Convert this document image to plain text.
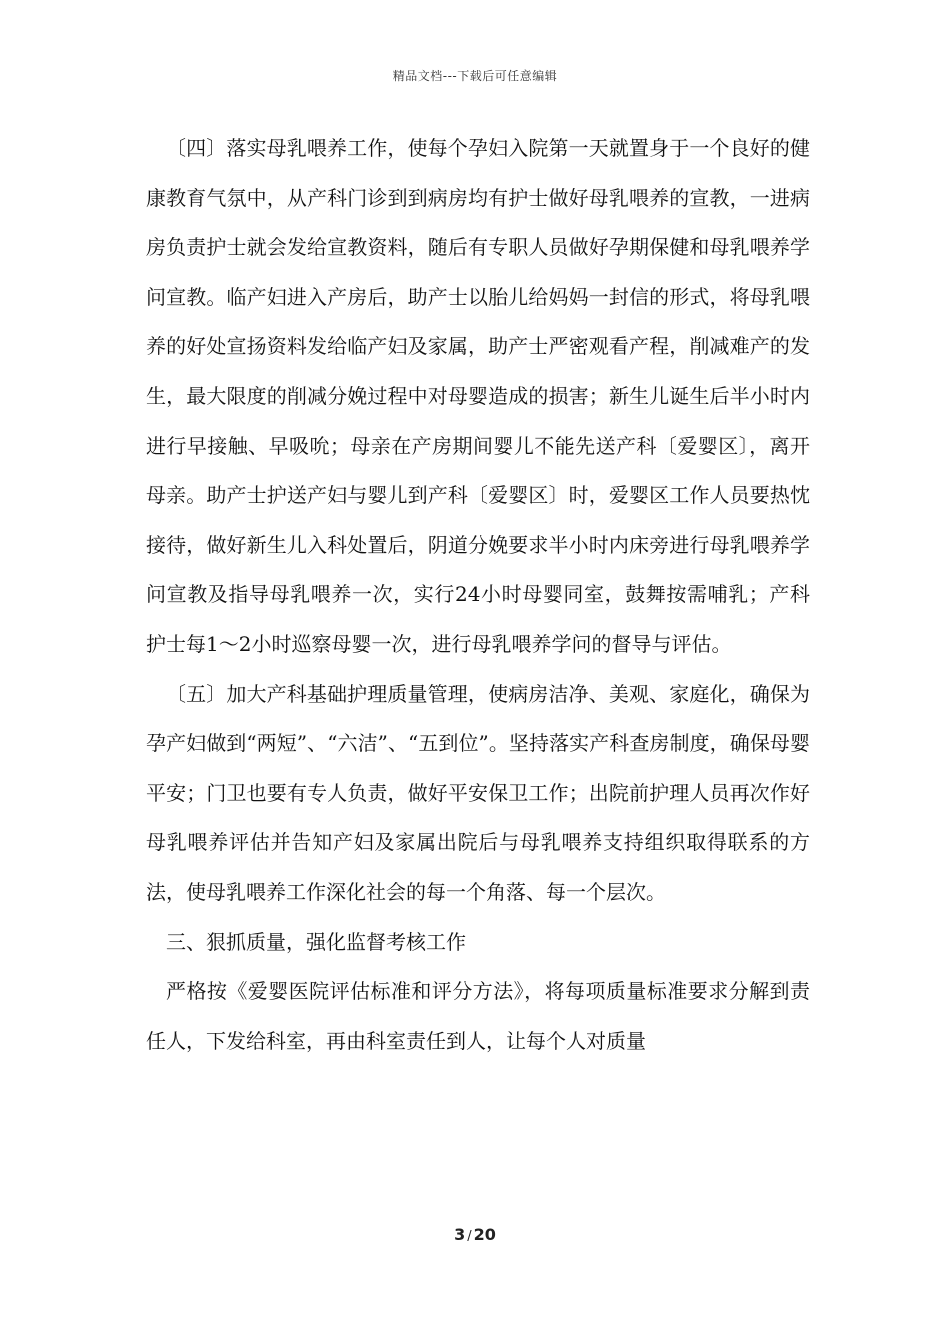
精品文档---下载后可任意编辑

〔四〕落实母乳喂养工作，使每个孕妇入院第一天就置身于一个良好的健康教育气氛中，从产科门诊到到病房均有护士做好母乳喂养的宣教，一进病房负责护士就会发给宣教资料，随后有专职人员做好孕期保健和母乳喂养学问宣教。临产妇进入产房后，助产士以胎儿给妈妈一封信的形式，将母乳喂养的好处宣扬资料发给临产妇及家属，助产士严密观看产程，削减难产的发生，最大限度的削减分娩过程中对母婴造成的损害；新生儿诞生后半小时内进行早接触、早吸吮；母亲在产房期间婴儿不能先送产科〔爱婴区〕，离开母亲。助产士护送产妇与婴儿到产科〔爱婴区〕时，爱婴区工作人员要热忱接待，做好新生儿入科处置后，阴道分娩要求半小时内床旁进行母乳喂养学问宣教及指导母乳喂养一次，实行24小时母婴同室，鼓舞按需哺乳；产科护士每1～2小时巡察母婴一次，进行母乳喂养学问的督导与评估。

〔五〕加大产科基础护理质量管理，使病房洁净、美观、家庭化，确保为孕产妇做到“两短”、“六洁”、“五到位”。坚持落实产科查房制度，确保母婴平安；门卫也要有专人负责，做好平安保卫工作；出院前护理人员再次作好母乳喂养评估并告知产妇及家属出院后与母乳喂养支持组织取得联系的方法，使母乳喂养工作深化社会的每一个角落、每一个层次。

三、狠抓质量，强化监督考核工作

严格按《爱婴医院评估标准和评分方法》，将每项质量标准要求分解到责任人，下发给科室，再由科室责任到人，让每个人对质量

3 / 20
